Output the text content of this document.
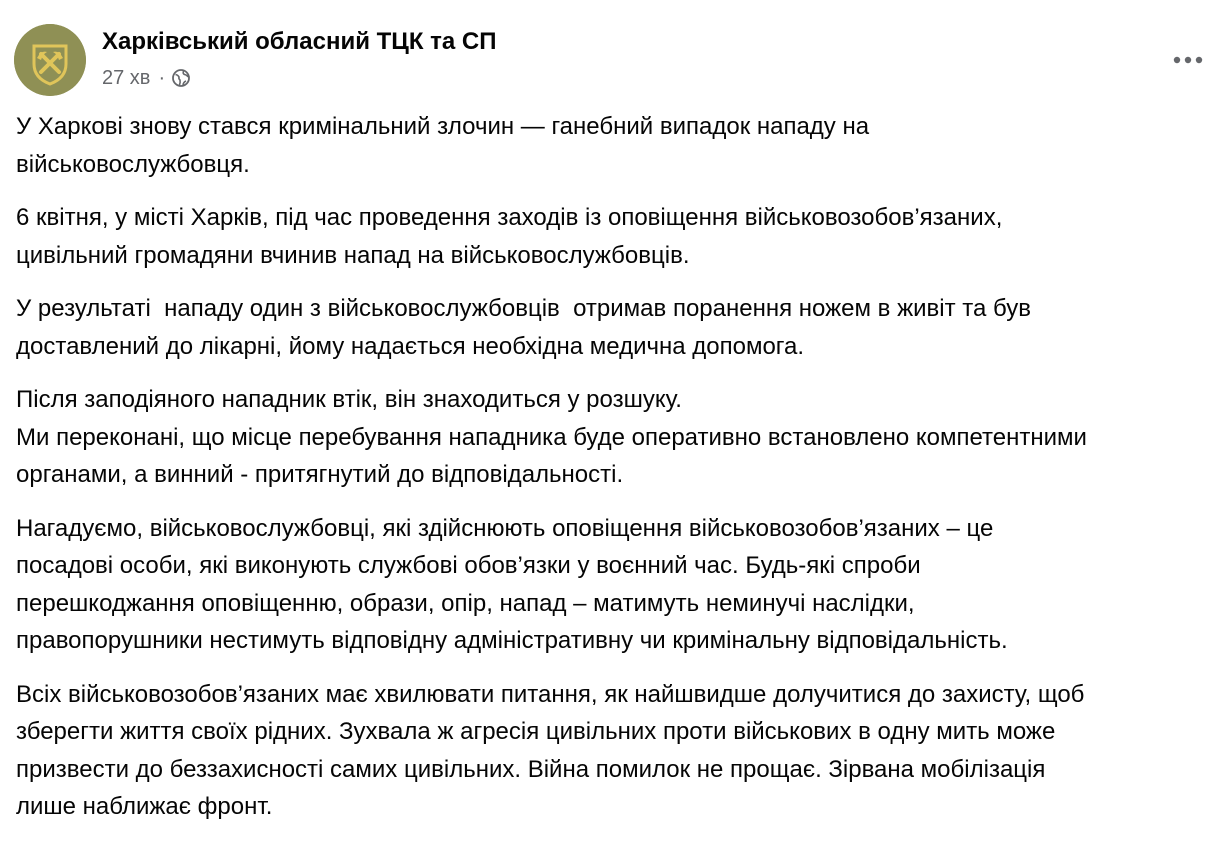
Харківський обласний ТЦК та СП
27 хв ·
У Харкові знову стався кримінальний злочин — ганебний випадок нападу на
військовослужбовця.
6 квітня, у місті Харків, під час проведення заходів із оповіщення військовозобов’язаних,
цивільний громадяни вчинив напад на військовослужбовців.
У результаті  нападу один з військовослужбовців  отримав поранення ножем в живіт та був
доставлений до лікарні, йому надається необхідна медична допомога.
Після заподіяного нападник втік, він знаходиться у розшуку.
Ми переконані, що місце перебування нападника буде оперативно встановлено компетентними
органами, а винний - притягнутий до відповідальності.
Нагадуємо, військовослужбовці, які здійснюють оповіщення військовозобов’язаних – це
посадові особи, які виконують службові обов’язки у воєнний час. Будь-які спроби
перешкоджання оповіщенню, образи, опір, напад – матимуть неминучі наслідки,
правопорушники нестимуть відповідну адміністративну чи кримінальну відповідальність.
Всіх військовозобов’язаних має хвилювати питання, як найшвидше долучитися до захисту, щоб
зберегти життя своїх рідних. Зухвала ж агресія цивільних проти військових в одну мить може
призвести до беззахисності самих цивільних. Війна помилок не прощає. Зірвана мобілізація
лише наближає фронт.
